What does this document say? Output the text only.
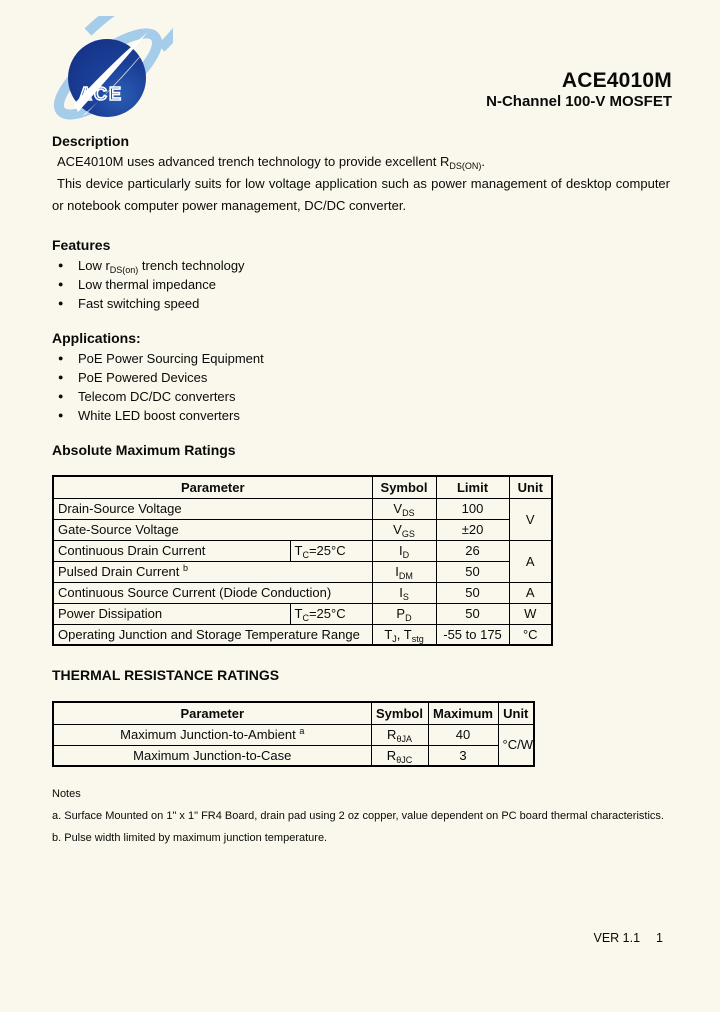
ACE
ACE4010M
N-Channel 100-V MOSFET
Description
ACE4010M uses advanced trench technology to provide excellent $R_{DS(ON)}$.
This device particularly suits for low voltage application such as power management of desktop computer or notebook computer power management, DC/DC converter.
Features
●Low $r_{DS(on)}$ trench technology
●Low thermal impedance
●Fast switching speed
Applications:
●PoE Power Sourcing Equipment
●PoE Powered Devices
●Telecom DC/DC converters
●White LED boost converters
Absolute Maximum Ratings
Parameter		Symbol	Limit	Unit
Drain-Source Voltage		$V_{DS}$	100	V
Gate-Source Voltage		$V_{GS}$	±20	
Continuous Drain Current	$T_C=25^\circ C$	$I_D$	26	A
Pulsed Drain Current $^b$		$I_{DM}$	50	
Continuous Source Current (Diode Conduction)		$I_S$	50	A
Power Dissipation	$T_C=25^\circ C$	$P_D$	50	W
Operating Junction and Storage Temperature Range		$T_J$, $T_{stg}$	-55 to 175	°C
THERMAL RESISTANCE RATINGS
Parameter	Symbol	Maximum	Unit
Maximum Junction-to-Ambient $^a$	$R_{\theta JA}$	40	°C/W
Maximum Junction-to-Case	$R_{\theta JC}$	3	
Notes
a. Surface Mounted on 1" x 1" FR4 Board, drain pad using 2 oz copper, value dependent on PC board thermal characteristics.
b. Pulse width limited by maximum junction temperature.
VER 1.1 1
